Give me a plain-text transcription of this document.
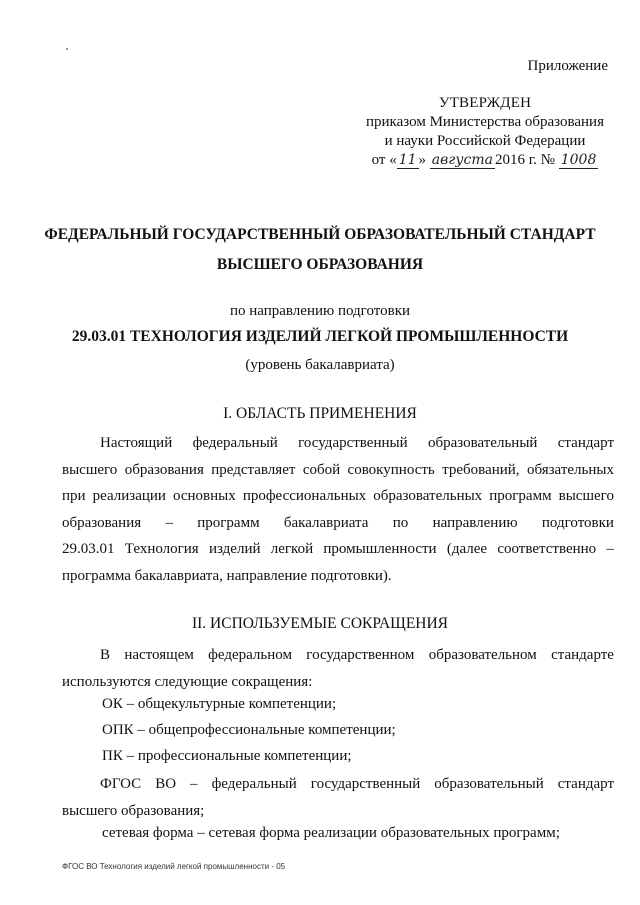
Приложение
УТВЕРЖДЕН
приказом Министерства образования
и науки Российской Федерации
от « 11 » августа 2016 г. № 1008
ФЕДЕРАЛЬНЫЙ ГОСУДАРСТВЕННЫЙ ОБРАЗОВАТЕЛЬНЫЙ СТАНДАРТ
ВЫСШЕГО ОБРАЗОВАНИЯ
по направлению подготовки
29.03.01 ТЕХНОЛОГИЯ ИЗДЕЛИЙ ЛЕГКОЙ ПРОМЫШЛЕННОСТИ
(уровень бакалавриата)
I. ОБЛАСТЬ ПРИМЕНЕНИЯ
Настоящий федеральный государственный образовательный стандарт
высшего образования представляет собой совокупность требований, обязательных
при реализации основных профессиональных образовательных программ высшего
образования – программ бакалавриата по направлению подготовки
29.03.01 Технология изделий легкой промышленности (далее соответственно –
программа бакалавриата, направление подготовки).
II. ИСПОЛЬЗУЕМЫЕ СОКРАЩЕНИЯ
В настоящем федеральном государственном образовательном стандарте
используются следующие сокращения:
ОК – общекультурные компетенции;
ОПК – общепрофессиональные компетенции;
ПК – профессиональные компетенции;
ФГОС ВО – федеральный государственный образовательный стандарт
высшего образования;
сетевая форма – сетевая форма реализации образовательных программ;
ФГОС ВО Технология изделий легкой промышленности - 05
